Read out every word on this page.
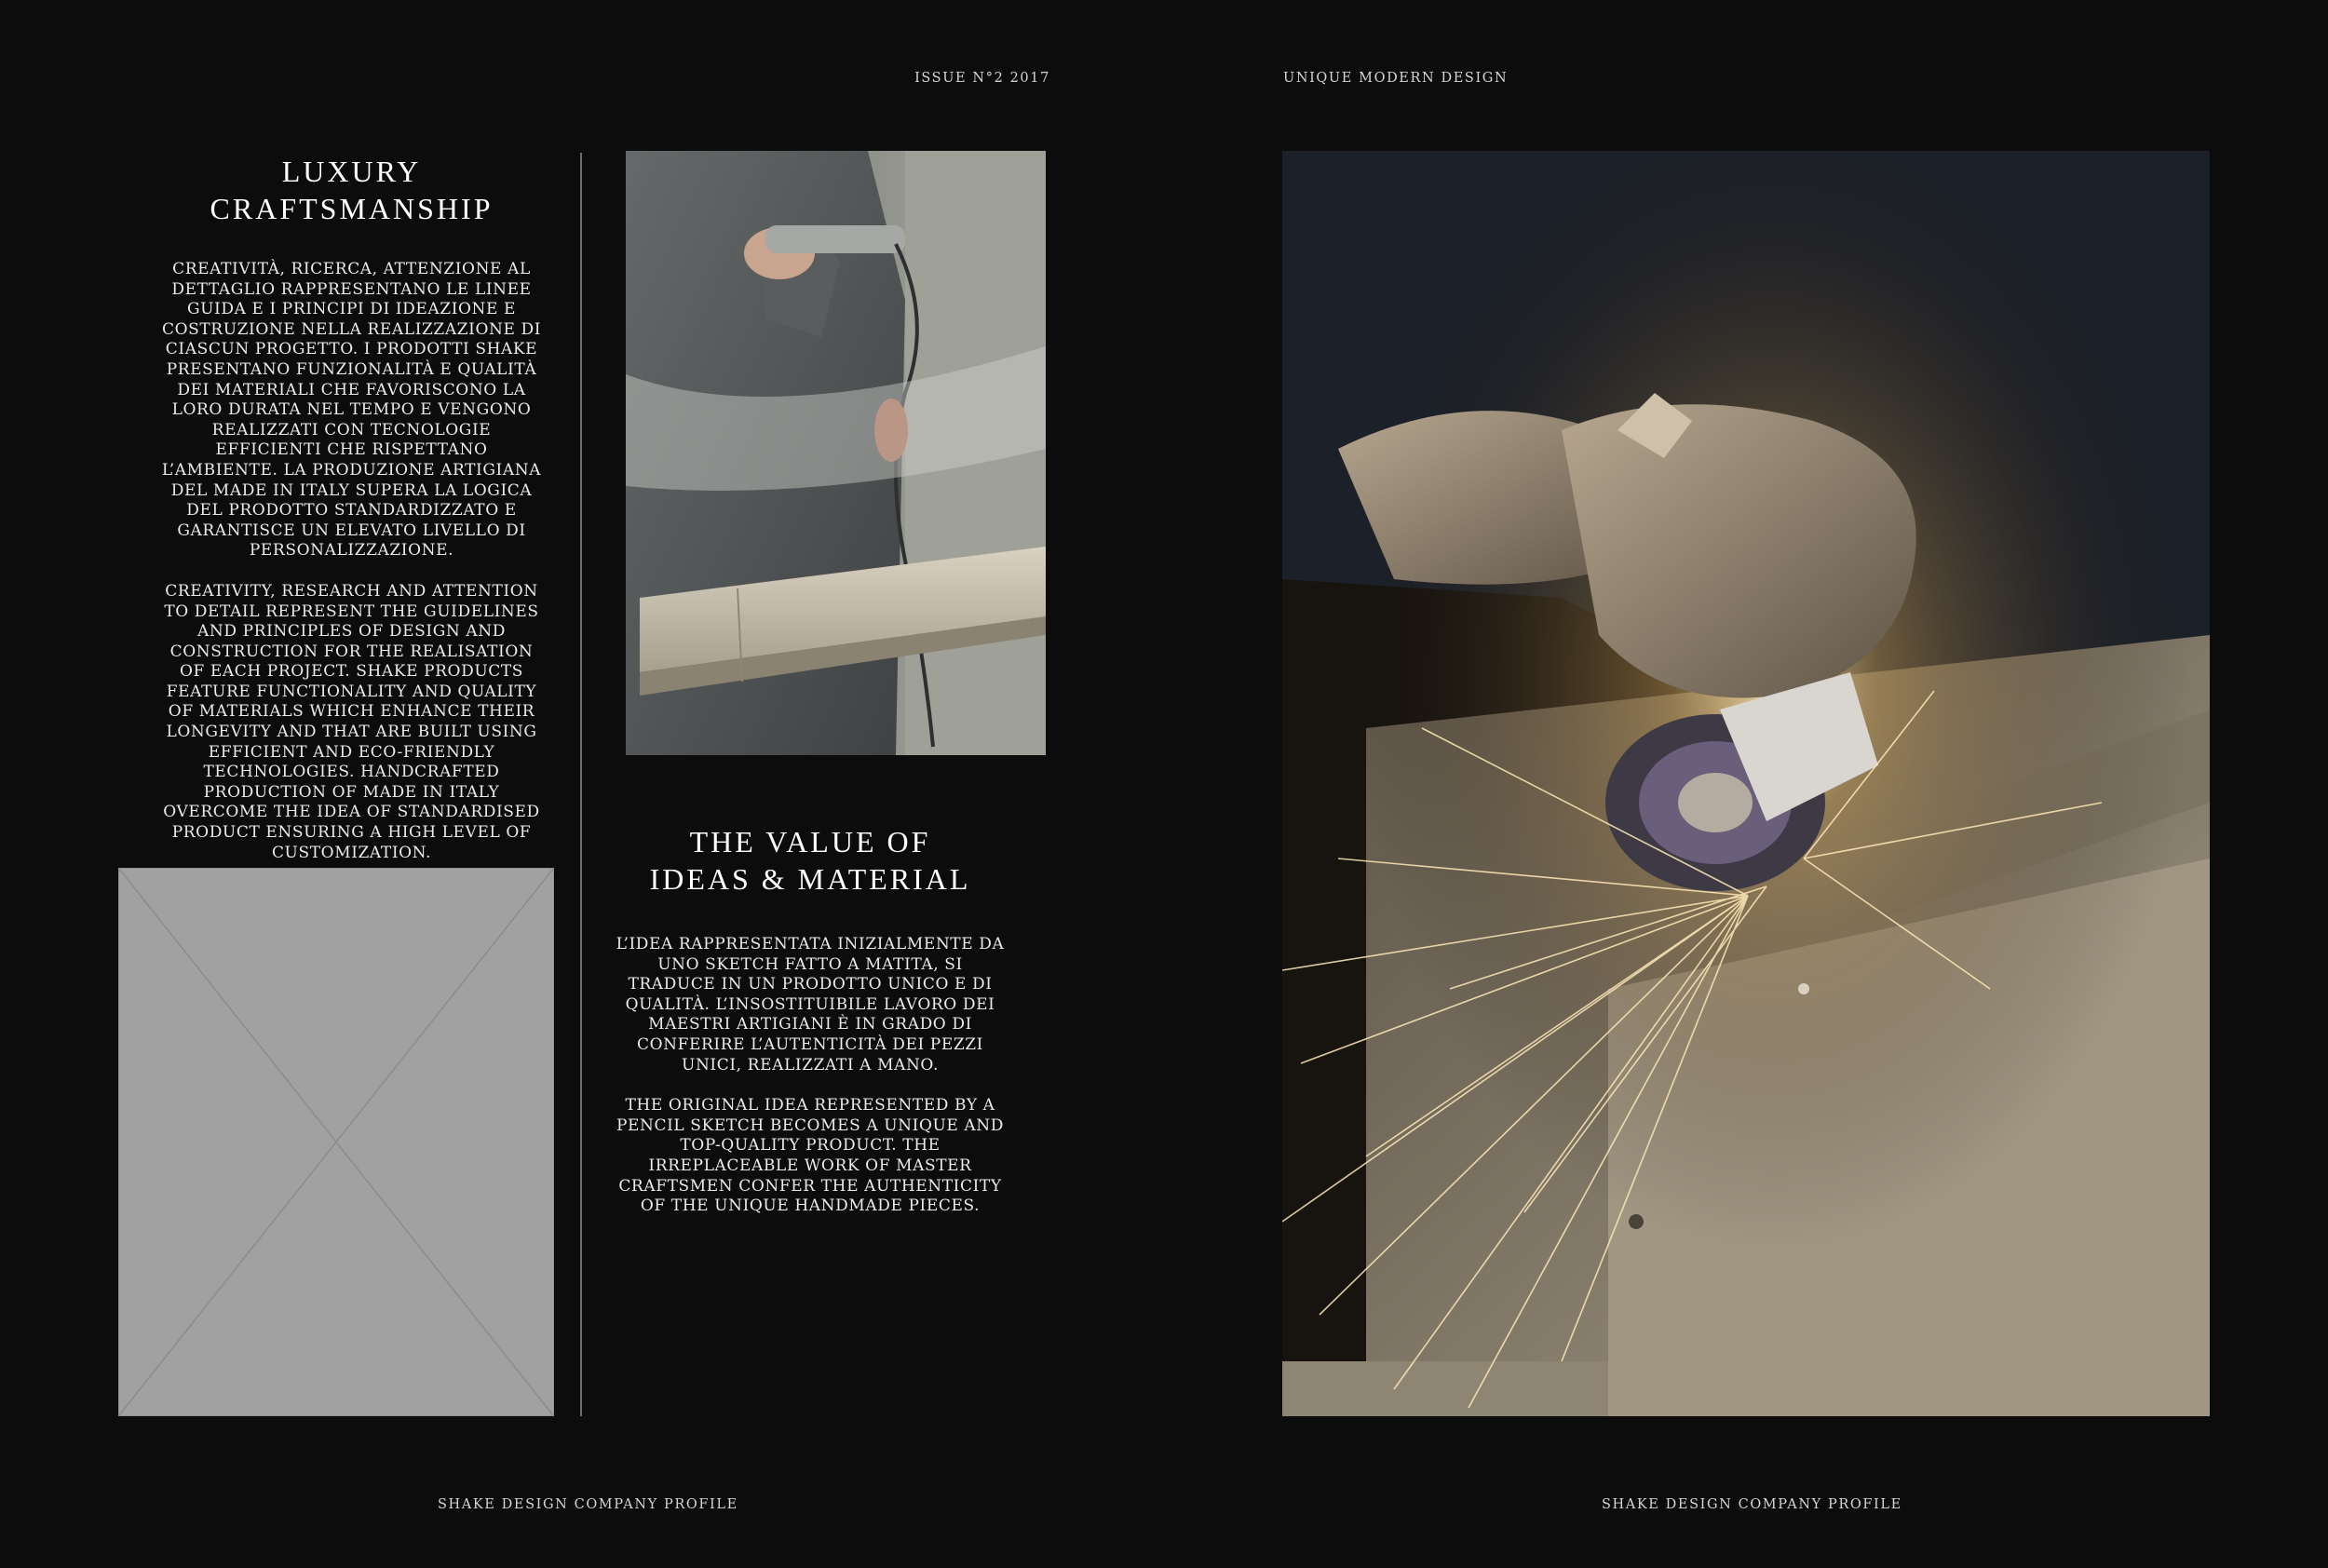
ISSUE N°2 2017	UNIQUE MODERN DESIGN
LUXURY
CRAFTSMANSHIP

CREATIVITÀ, RICERCA, ATTENZIONE AL DETTAGLIO RAPPRESENTANO LE LINEE GUIDA E I PRINCIPI DI IDEAZIONE E COSTRUZIONE NELLA REALIZZAZIONE DI CIASCUN PROGETTO. I PRODOTTI SHAKE PRESENTANO FUNZIONALITÀ E QUALITÀ DEI MATERIALI CHE FAVORISCONO LA LORO DURATA NEL TEMPO E VENGONO REALIZZATI CON TECNOLOGIE EFFICIENTI CHE RISPETTANO L’AMBIENTE. LA PRODUZIONE ARTIGIANA DEL MADE IN ITALY SUPERA LA LOGICA DEL PRODOTTO STANDARDIZZATO E GARANTISCE UN ELEVATO LIVELLO DI PERSONALIZZAZIONE.

CREATIVITY, RESEARCH AND ATTENTION TO DETAIL REPRESENT THE GUIDELINES AND PRINCIPLES OF DESIGN AND CONSTRUCTION FOR THE REALISATION OF EACH PROJECT. SHAKE PRODUCTS FEATURE FUNCTIONALITY AND QUALITY OF MATERIALS WHICH ENHANCE THEIR LONGEVITY AND THAT ARE BUILT USING EFFICIENT AND ECO-FRIENDLY TECHNOLOGIES. HANDCRAFTED PRODUCTION OF MADE IN ITALY OVERCOME THE IDEA OF STANDARDISED PRODUCT ENSURING A HIGH LEVEL OF CUSTOMIZATION.	THE VALUE OF
IDEAS & MATERIAL

L’IDEA RAPPRESENTATA INIZIALMENTE DA UNO SKETCH FATTO A MATITA, SI TRADUCE IN UN PRODOTTO UNICO E DI QUALITÀ. L’INSOSTITUIBILE LAVORO DEI MAESTRI ARTIGIANI È IN GRADO DI CONFERIRE L’AUTENTICITÀ DEI PEZZI UNICI, REALIZZATI A MANO.

THE ORIGINAL IDEA REPRESENTED BY A PENCIL SKETCH BECOMES A UNIQUE AND TOP-QUALITY PRODUCT. THE IRREPLACEABLE WORK OF MASTER CRAFTSMEN CONFER THE AUTHENTICITY OF THE UNIQUE HANDMADE PIECES.

SHAKE DESIGN COMPANY PROFILE	SHAKE DESIGN COMPANY PROFILE
